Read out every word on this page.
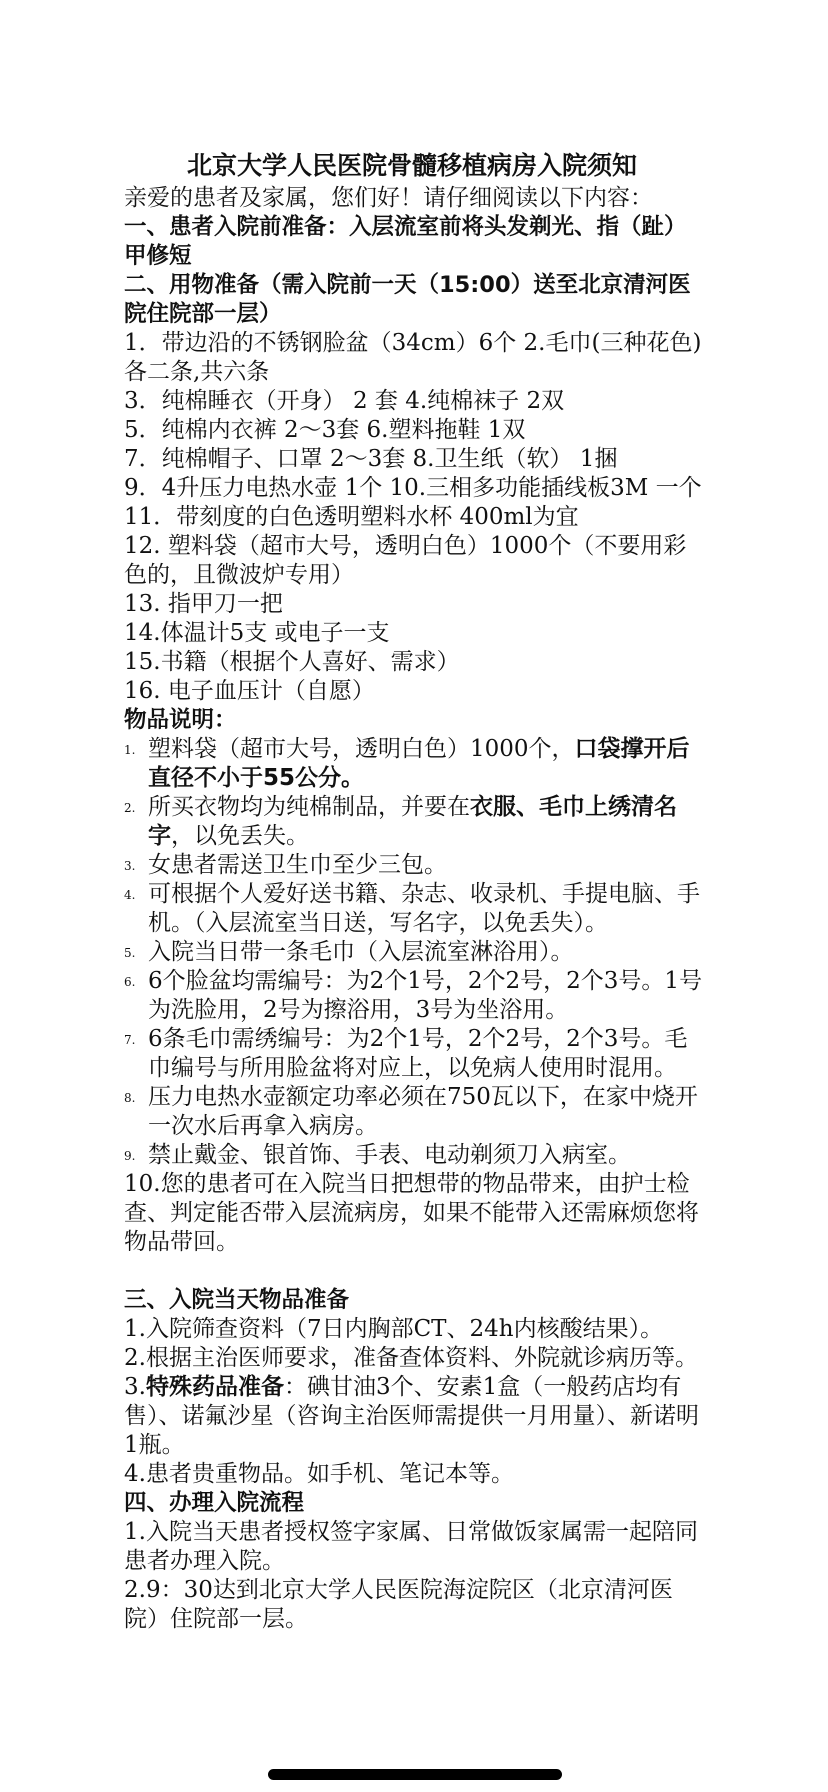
北京大学人民医院骨髓移植病房入院须知
亲爱的患者及家属，您们好！请仔细阅读以下内容：
一、患者入院前准备：入层流室前将头发剃光、指（趾）甲修短
二、用物准备（需入院前一天（15:00）送至北京清河医院住院部一层）
1．带边沿的不锈钢脸盆（34cm）6个 2.毛巾(三种花色)各二条,共六条
3．纯棉睡衣（开身） 2 套 4.纯棉袜子 2双
5．纯棉内衣裤 2～3套 6.塑料拖鞋 1双
7．纯棉帽子、口罩 2～3套 8.卫生纸（软） 1捆
9．4升压力电热水壶 1个 10.三相多功能插线板3M 一个
11．带刻度的白色透明塑料水杯 400ml为宜
12. 塑料袋（超市大号，透明白色）1000个（不要用彩色的，且微波炉专用）
13. 指甲刀一把
14.体温计5支 或电子一支
15.书籍（根据个人喜好、需求）
16. 电子血压计（自愿）
物品说明：
1. 塑料袋（超市大号，透明白色）1000个，口袋撑开后直径不小于55公分。
2. 所买衣物均为纯棉制品，并要在衣服、毛巾上绣清名字，以免丢失。
3. 女患者需送卫生巾至少三包。
4. 可根据个人爱好送书籍、杂志、收录机、手提电脑、手机。（入层流室当日送，写名字，以免丢失）。
5. 入院当日带一条毛巾（入层流室淋浴用）。
6. 6个脸盆均需编号：为2个1号，2个2号，2个3号。1号为洗脸用，2号为擦浴用，3号为坐浴用。
7. 6条毛巾需绣编号：为2个1号，2个2号，2个3号。毛巾编号与所用脸盆将对应上，以免病人使用时混用。
8. 压力电热水壶额定功率必须在750瓦以下，在家中烧开一次水后再拿入病房。
9. 禁止戴金、银首饰、手表、电动剃须刀入病室。
10.您的患者可在入院当日把想带的物品带来，由护士检查、判定能否带入层流病房，如果不能带入还需麻烦您将物品带回。
三、入院当天物品准备
1.入院筛查资料（7日内胸部CT、24h内核酸结果）。
2.根据主治医师要求，准备查体资料、外院就诊病历等。
3.特殊药品准备：碘甘油3个、安素1盒（一般药店均有售）、诺氟沙星（咨询主治医师需提供一月用量）、新诺明1瓶。
4.患者贵重物品。如手机、笔记本等。
四、办理入院流程
1.入院当天患者授权签字家属、日常做饭家属需一起陪同患者办理入院。
2.9：30达到北京大学人民医院海淀院区（北京清河医院）住院部一层。
